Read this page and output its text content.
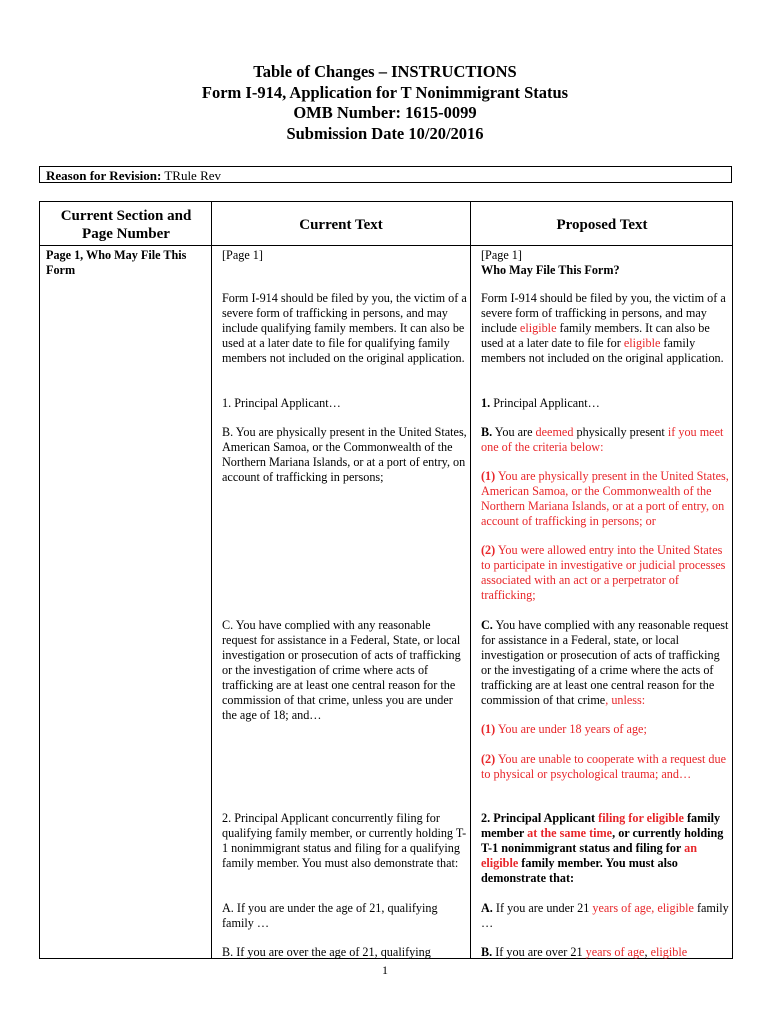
Table of Changes – INSTRUCTIONS
Form I-914, Application for T Nonimmigrant Status
OMB Number: 1615-0099
Submission Date 10/20/2016
Reason for Revision: TRule Rev
Current Section and Page Number
Current Text	Proposed Text
Page 1, Who May File This Form
[Page 1]
Form I-914 should be filed by you, the victim of a severe form of trafficking in persons, and may include qualifying family members. It can also be used at a later date to file for qualifying family members not included on the original application.
1. Principal Applicant…
B. You are physically present in the United States, American Samoa, or the Commonwealth of the Northern Mariana Islands, or at a port of entry, on account of trafficking in persons;
C. You have complied with any reasonable request for assistance in a Federal, State, or local investigation or prosecution of acts of trafficking or the investigation of crime where acts of trafficking are at least one central reason for the commission of that crime, unless you are under the age of 18; and…
2. Principal Applicant concurrently filing for qualifying family member, or currently holding T-1 nonimmigrant status and filing for a qualifying family member. You must also demonstrate that:
A. If you are under the age of 21, qualifying family …
B. If you are over the age of 21, qualifying
[Page 1]
Who May File This Form?
Form I-914 should be filed by you, the victim of a severe form of trafficking in persons, and may include eligible family members. It can also be used at a later date to file for eligible family members not included on the original application.
1. Principal Applicant…
B. You are deemed physically present if you meet one of the criteria below:
(1) You are physically present in the United States, American Samoa, or the Commonwealth of the Northern Mariana Islands, or at a port of entry, on account of trafficking in persons; or
(2) You were allowed entry into the United States to participate in investigative or judicial processes associated with an act or a perpetrator of trafficking;
C. You have complied with any reasonable request for assistance in a Federal, state, or local investigation or prosecution of acts of trafficking or the investigating of a crime where the acts of trafficking are at least one central reason for the commission of that crime, unless:
(1) You are under 18 years of age;
(2) You are unable to cooperate with a request due to physical or psychological trauma; and…
2. Principal Applicant filing for eligible family member at the same time, or currently holding T-1 nonimmigrant status and filing for an eligible family member. You must also demonstrate that:
A. If you are under 21 years of age, eligible family …
B. If you are over 21 years of age, eligible
1
